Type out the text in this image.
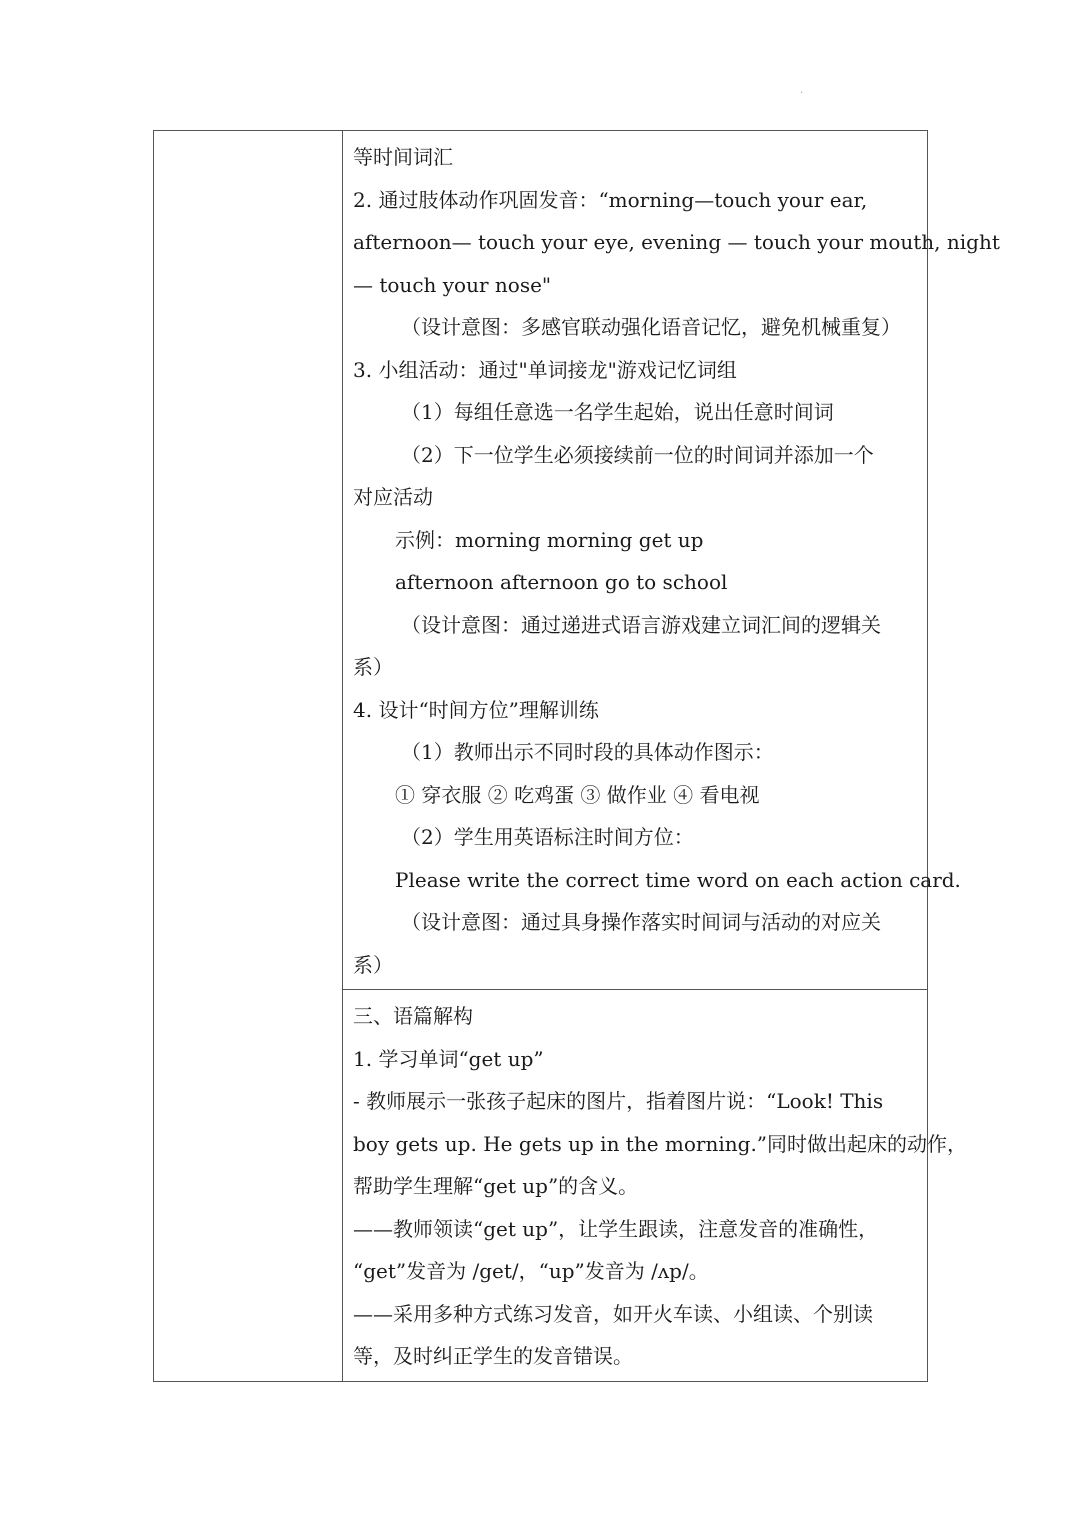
.

等时间词汇
2. 通过肢体动作巩固发音：“morning—touch your ear,
afternoon— touch your eye, evening — touch your mouth, night
— touch your nose"
（设计意图：多感官联动强化语音记忆，避免机械重复）
3. 小组活动：通过"单词接龙"游戏记忆词组
（1）每组任意选一名学生起始，说出任意时间词
（2）下一位学生必须接续前一位的时间词并添加一个
对应活动
示例：morning morning get up
afternoon afternoon go to school
（设计意图：通过递进式语言游戏建立词汇间的逻辑关
系）
4. 设计“时间方位”理解训练
（1）教师出示不同时段的具体动作图示：
① 穿衣服 ② 吃鸡蛋 ③ 做作业 ④ 看电视
（2）学生用英语标注时间方位：
Please write the correct time word on each action card.
（设计意图：通过具身操作落实时间词与活动的对应关
系）

三、语篇解构
1. 学习单词“get up”
- 教师展示一张孩子起床的图片，指着图片说：“Look! This
boy gets up. He gets up in the morning.”同时做出起床的动作，
帮助学生理解“get up”的含义。
——教师领读“get up”，让学生跟读，注意发音的准确性，
“get”发音为 /get/，“up”发音为 /ʌp/。
——采用多种方式练习发音，如开火车读、小组读、个别读
等，及时纠正学生的发音错误。
